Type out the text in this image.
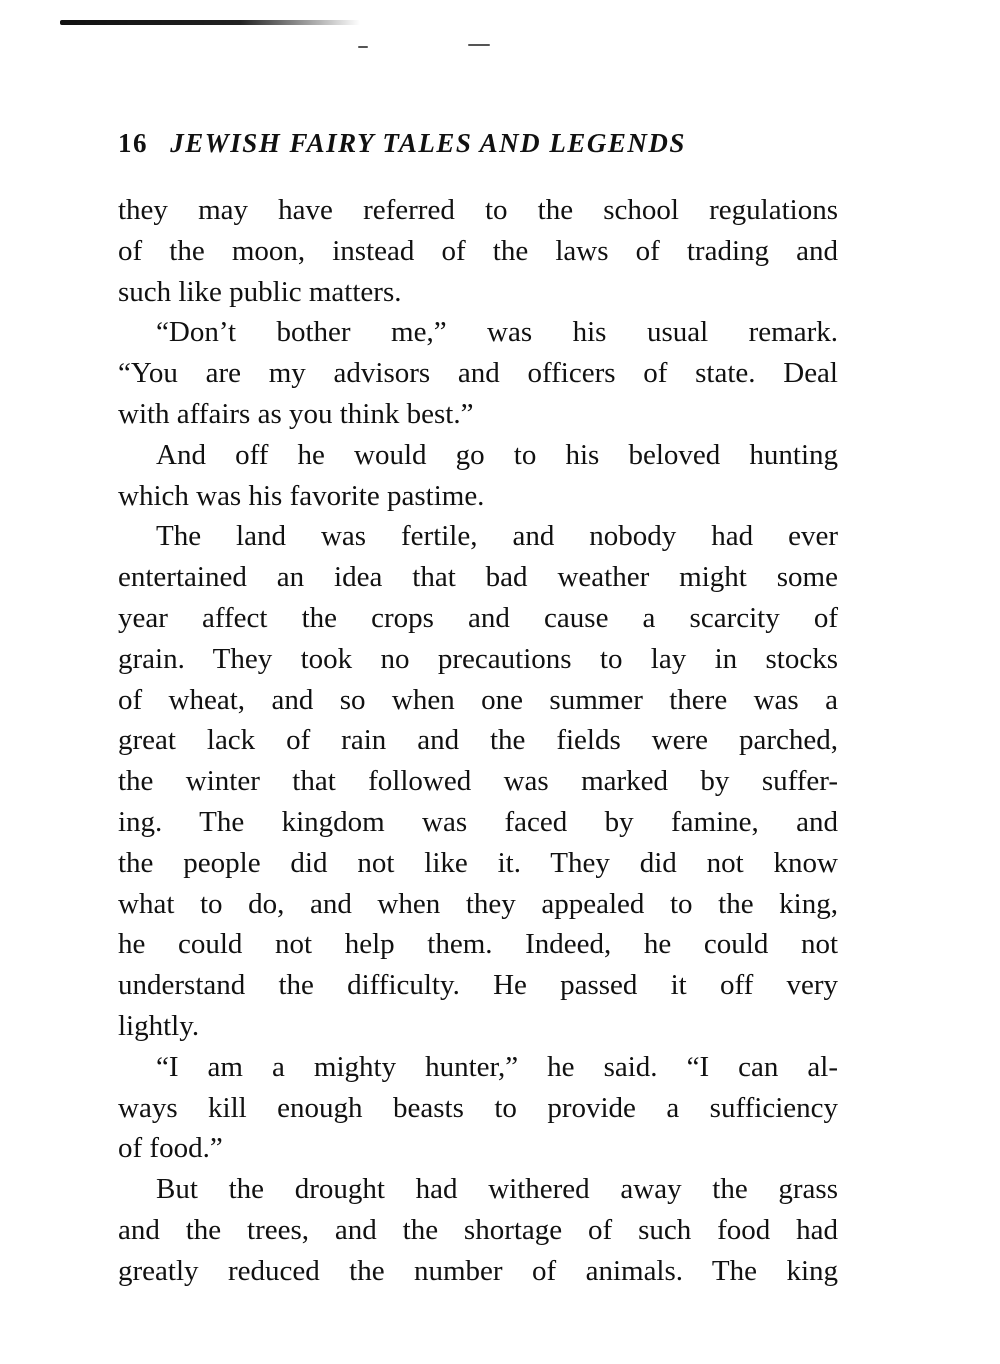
16 JEWISH FAIRY TALES AND LEGENDS
they may have referred to the school regulations
of the moon, instead of the laws of trading and
such like public matters.
“Don’t bother me,” was his usual remark.
“You are my advisors and officers of state. Deal
with affairs as you think best.”
And off he would go to his beloved hunting
which was his favorite pastime.
The land was fertile, and nobody had ever
entertained an idea that bad weather might some
year affect the crops and cause a scarcity of
grain. They took no precautions to lay in stocks
of wheat, and so when one summer there was a
great lack of rain and the fields were parched,
the winter that followed was marked by suffer-
ing. The kingdom was faced by famine, and
the people did not like it. They did not know
what to do, and when they appealed to the king,
he could not help them. Indeed, he could not
understand the difficulty. He passed it off very
lightly.
“I am a mighty hunter,” he said. “I can al-
ways kill enough beasts to provide a sufficiency
of food.”
But the drought had withered away the grass
and the trees, and the shortage of such food had
greatly reduced the number of animals. The king
